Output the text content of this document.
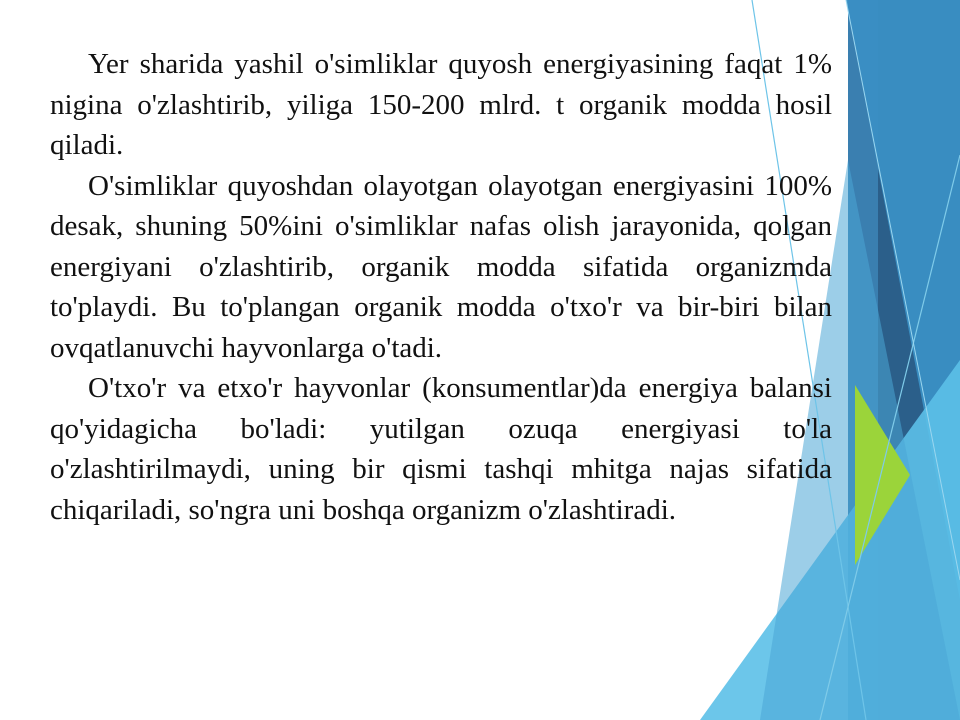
Yer sharida yashil o'simliklar quyosh energiyasining faqat 1% nigina o'zlashtirib, yiliga 150-200 mlrd. t organik modda hosil qiladi.

O'simliklar quyoshdan olayotgan olayotgan energiyasini 100% desak, shuning 50%ini o'simliklar nafas olish jarayonida, qolgan energiyani o'zlashtirib, organik modda sifatida organizmda to'playdi. Bu to'plangan organik modda o'txo'r va bir-biri bilan ovqatlanuvchi hayvonlarga o'tadi.

O'txo'r va etxo'r hayvonlar (konsumentlar)da energiya balansi qo'yidagicha bo'ladi: yutilgan ozuqa energiyasi to'la o'zlashtirilmaydi, uning bir qismi tashqi mhitga najas sifatida chiqariladi, so'ngra uni boshqa organizm o'zlashtiradi.
